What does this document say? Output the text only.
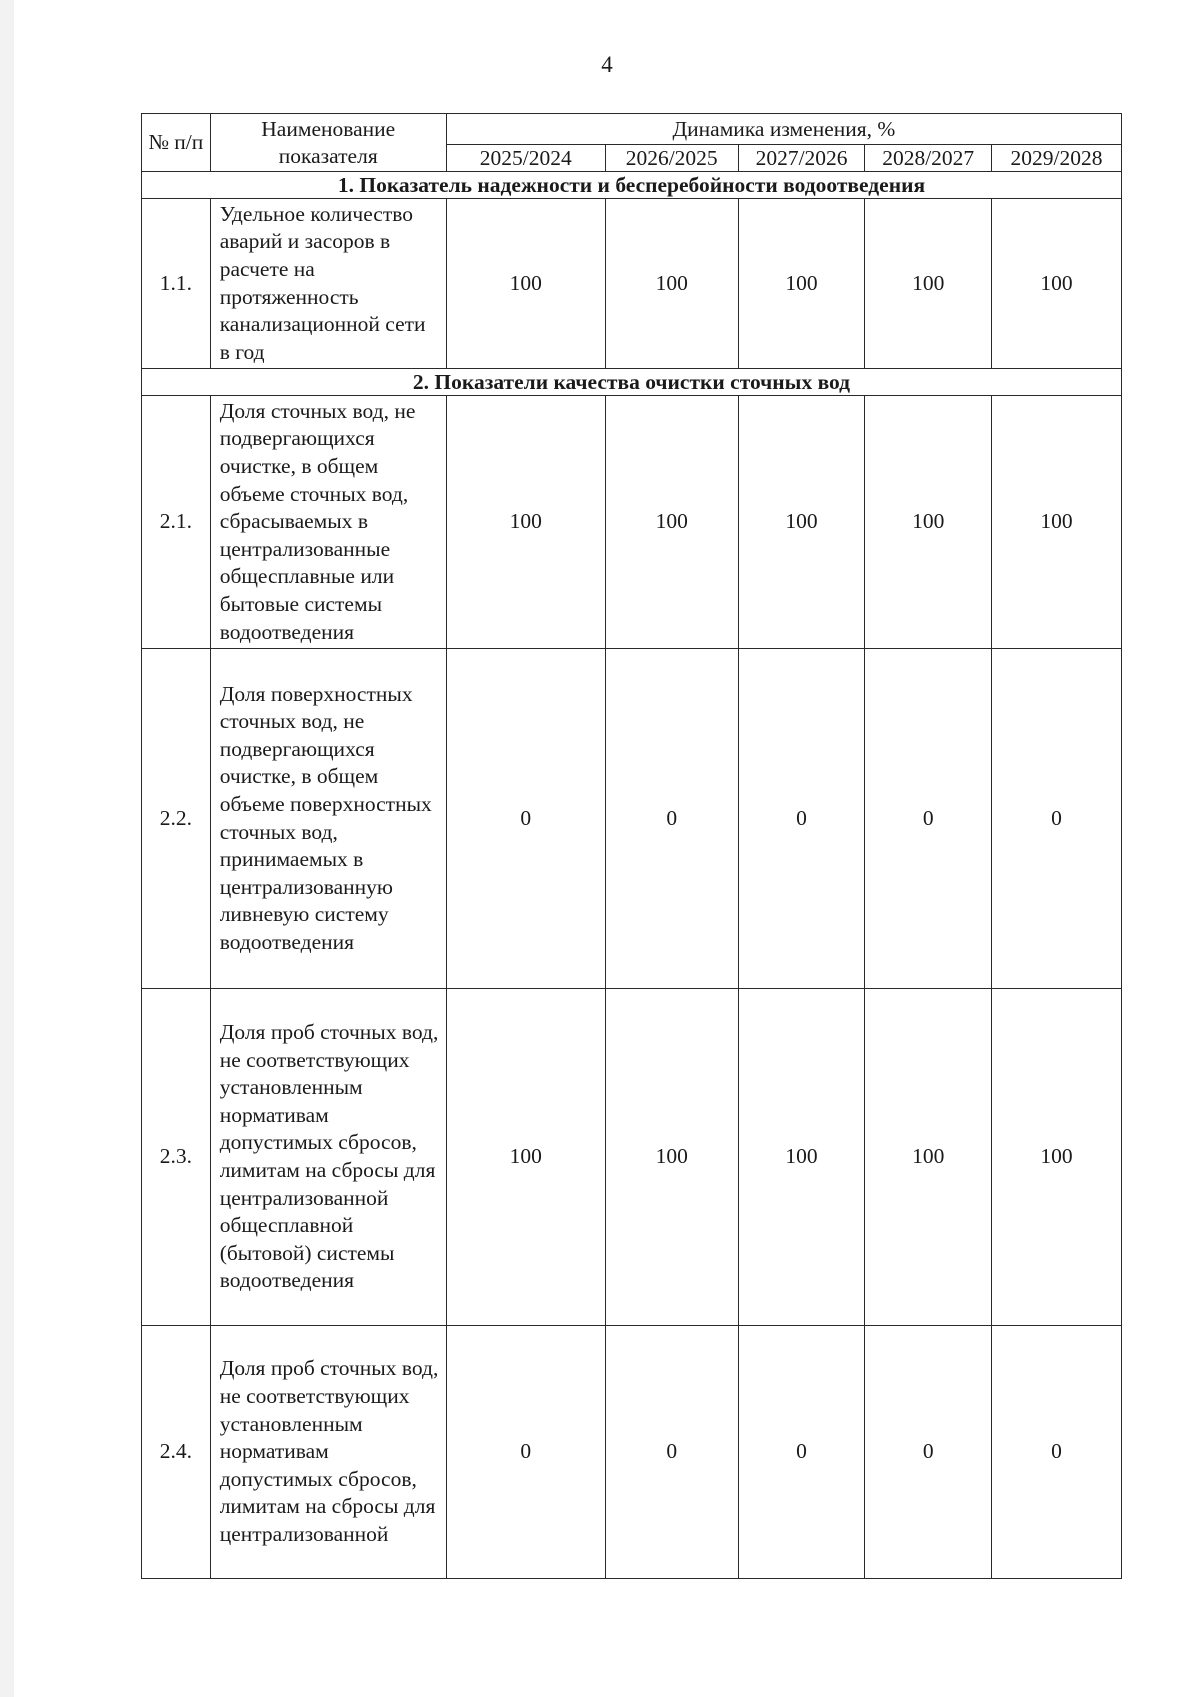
4
№ п/п	Наименование показателя	Динамика изменения, %				
		2025/2024	2026/2025	2027/2026	2028/2027	2029/2028
1. Показатель надежности и бесперебойности водоотведения						
1.1.	Удельное количество аварий и засоров в расчете на протяженность канализационной сети в год	100	100	100	100	100
2. Показатели качества очистки сточных вод						
2.1.	Доля сточных вод, не подвергающихся очистке, в общем объеме сточных вод, сбрасываемых в централизованные общесплавные или бытовые системы водоотведения	100	100	100	100	100
2.2.	Доля поверхностных сточных вод, не подвергающихся очистке, в общем объеме поверхностных сточных вод, принимаемых в централизованную ливневую систему водоотведения	0	0	0	0	0
2.3.	Доля проб сточных вод, не соответствующих установленным нормативам допустимых сбросов, лимитам на сбросы для централизованной общесплавной (бытовой) системы водоотведения	100	100	100	100	100
2.4.	Доля проб сточных вод, не соответствующих установленным нормативам допустимых сбросов, лимитам на сбросы для централизованной	0	0	0	0	0
